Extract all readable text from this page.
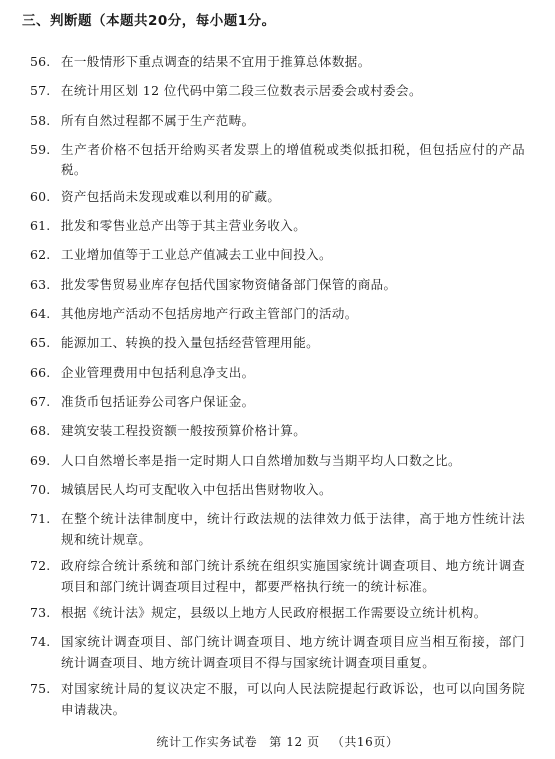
三、判断题（本题共20分，每小题1分。
56. 在一般情形下重点调查的结果不宜用于推算总体数据。
57. 在统计用区划 12 位代码中第二段三位数表示居委会或村委会。
58. 所有自然过程都不属于生产范畴。
59. 生产者价格不包括开给购买者发票上的增值税或类似抵扣税，但包括应付的产品税。
60. 资产包括尚未发现或难以利用的矿藏。
61. 批发和零售业总产出等于其主营业务收入。
62. 工业增加值等于工业总产值减去工业中间投入。
63. 批发零售贸易业库存包括代国家物资储备部门保管的商品。
64. 其他房地产活动不包括房地产行政主管部门的活动。
65. 能源加工、转换的投入量包括经营管理用能。
66. 企业管理费用中包括利息净支出。
67. 准货币包括证券公司客户保证金。
68. 建筑安装工程投资额一般按预算价格计算。
69. 人口自然增长率是指一定时期人口自然增加数与当期平均人口数之比。
70. 城镇居民人均可支配收入中包括出售财物收入。
71. 在整个统计法律制度中，统计行政法规的法律效力低于法律，高于地方性统计法规和统计规章。
72. 政府综合统计系统和部门统计系统在组织实施国家统计调查项目、地方统计调查项目和部门统计调查项目过程中，都要严格执行统一的统计标准。
73. 根据《统计法》规定，县级以上地方人民政府根据工作需要设立统计机构。
74. 国家统计调查项目、部门统计调查项目、地方统计调查项目应当相互衔接，部门统计调查项目、地方统计调查项目不得与国家统计调查项目重复。
75. 对国家统计局的复议决定不服，可以向人民法院提起行政诉讼，也可以向国务院申请裁决。
统计工作实务试卷 第 12 页 （共16页）
